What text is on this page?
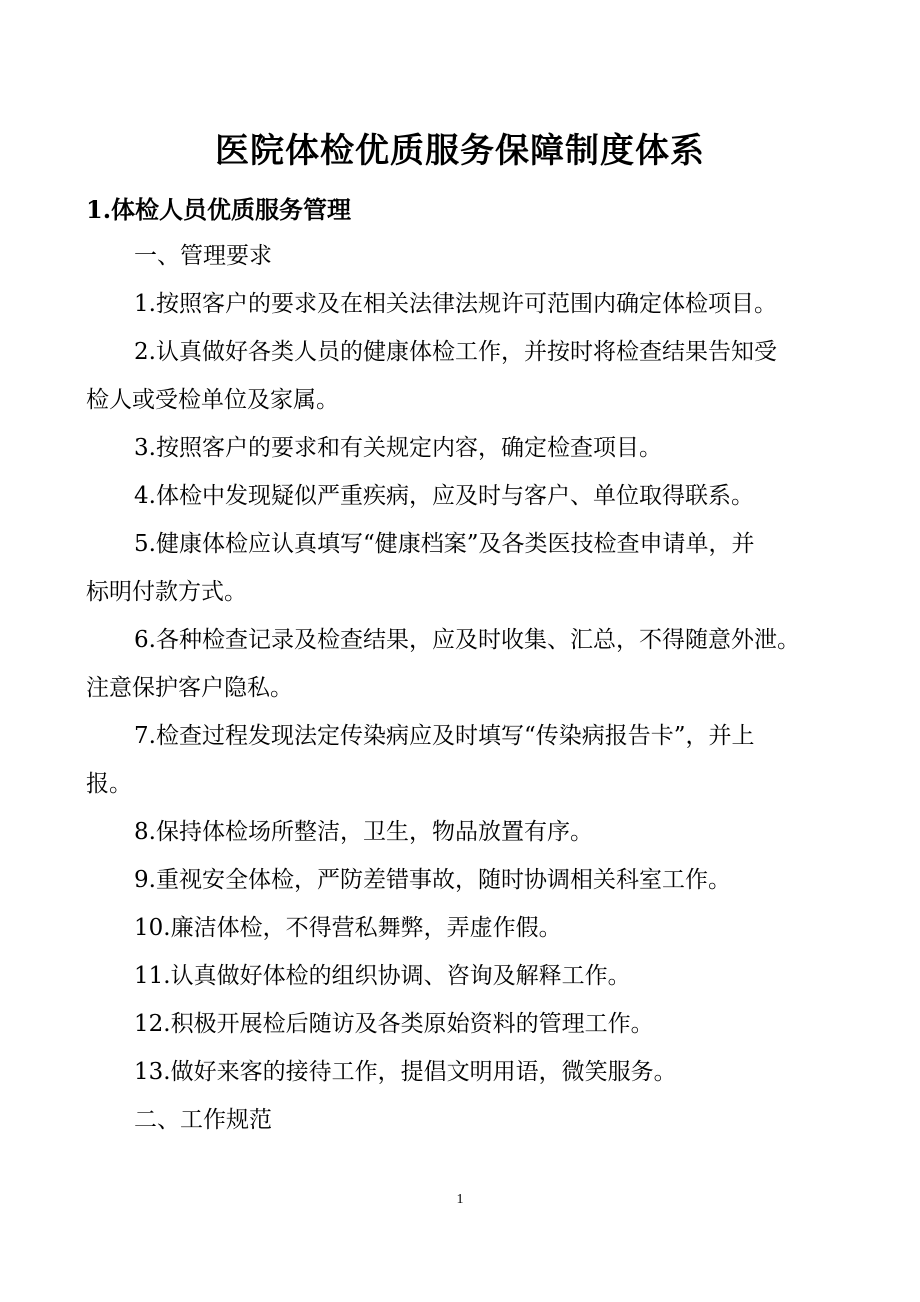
医院体检优质服务保障制度体系
1.体检人员优质服务管理
一、管理要求
1.按照客户的要求及在相关法律法规许可范围内确定体检项目。
2.认真做好各类人员的健康体检工作，并按时将检查结果告知受
检人或受检单位及家属。
3.按照客户的要求和有关规定内容，确定检查项目。
4.体检中发现疑似严重疾病，应及时与客户、单位取得联系。
5.健康体检应认真填写“健康档案”及各类医技检查申请单，并
标明付款方式。
6.各种检查记录及检查结果，应及时收集、汇总，不得随意外泄。
注意保护客户隐私。
7.检查过程发现法定传染病应及时填写“传染病报告卡”，并上
报。
8.保持体检场所整洁，卫生，物品放置有序。
9.重视安全体检，严防差错事故，随时协调相关科室工作。
10.廉洁体检，不得营私舞弊，弄虚作假。
11.认真做好体检的组织协调、咨询及解释工作。
12.积极开展检后随访及各类原始资料的管理工作。
13.做好来客的接待工作，提倡文明用语，微笑服务。
二、工作规范
1
